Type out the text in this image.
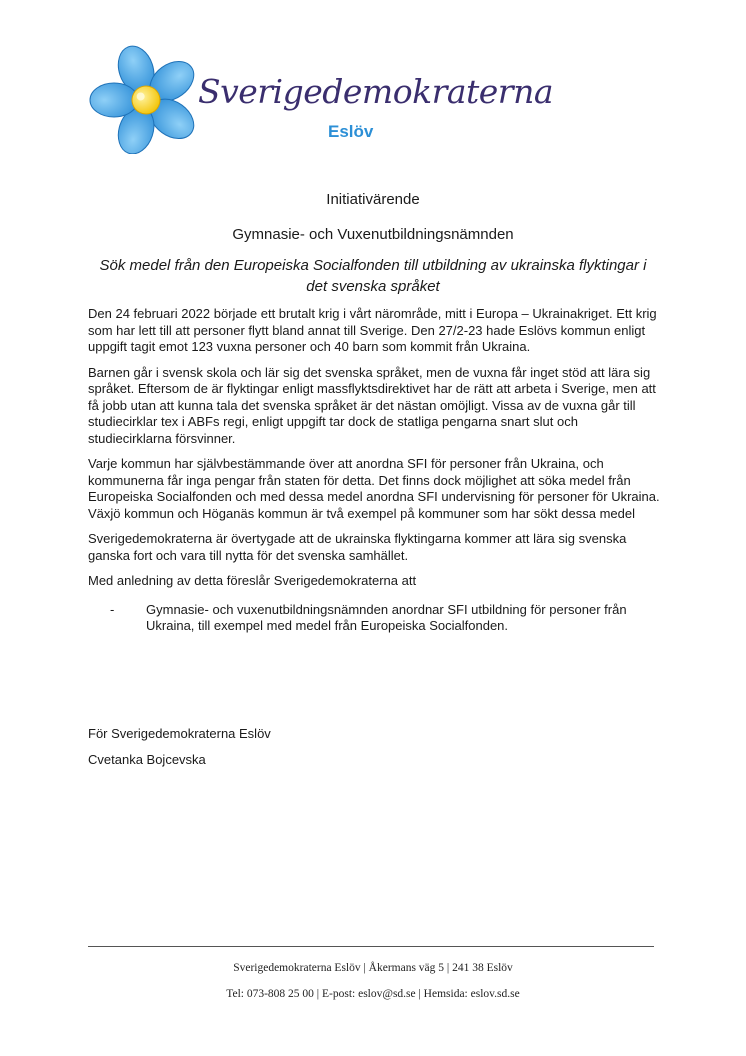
Sverigedemokraterna
Eslöv
Initiativärende
Gymnasie- och Vuxenutbildningsnämnden
Sök medel från den Europeiska Socialfonden till utbildning av ukrainska flyktingar i det svenska språket

Den 24 februari 2022 började ett brutalt krig i vårt närområde, mitt i Europa – Ukrainakriget. Ett krig som har lett till att personer flytt bland annat till Sverige. Den 27/2-23 hade Eslövs kommun enligt uppgift tagit emot 123 vuxna personer och 40 barn som kommit från Ukraina.

Barnen går i svensk skola och lär sig det svenska språket, men de vuxna får inget stöd att lära sig språket. Eftersom de är flyktingar enligt massflyktsdirektivet har de rätt att arbeta i Sverige, men att få jobb utan att kunna tala det svenska språket är det nästan omöjligt. Vissa av de vuxna går till studiecirklar tex i ABFs regi, enligt uppgift tar dock de statliga pengarna snart slut och studiecirklarna försvinner.

Varje kommun har självbestämmande över att anordna SFI för personer från Ukraina, och kommunerna får inga pengar från staten för detta. Det finns dock möjlighet att söka medel från Europeiska Socialfonden och med dessa medel anordna SFI undervisning för personer för Ukraina. Växjö kommun och Höganäs kommun är två exempel på kommuner som har sökt dessa medel

Sverigedemokraterna är övertygade att de ukrainska flyktingarna kommer att lära sig svenska ganska fort och vara till nytta för det svenska samhället.

Med anledning av detta föreslår Sverigedemokraterna att

-	Gymnasie- och vuxenutbildningsnämnden anordnar SFI utbildning för personer från Ukraina, till exempel med medel från Europeiska Socialfonden.
För Sverigedemokraterna Eslöv
Cvetanka Bojcevska
Sverigedemokraterna Eslöv | Åkermans väg 5 | 241 38 Eslöv
Tel: 073-808 25 00 | E-post: eslov@sd.se | Hemsida: eslov.sd.se
